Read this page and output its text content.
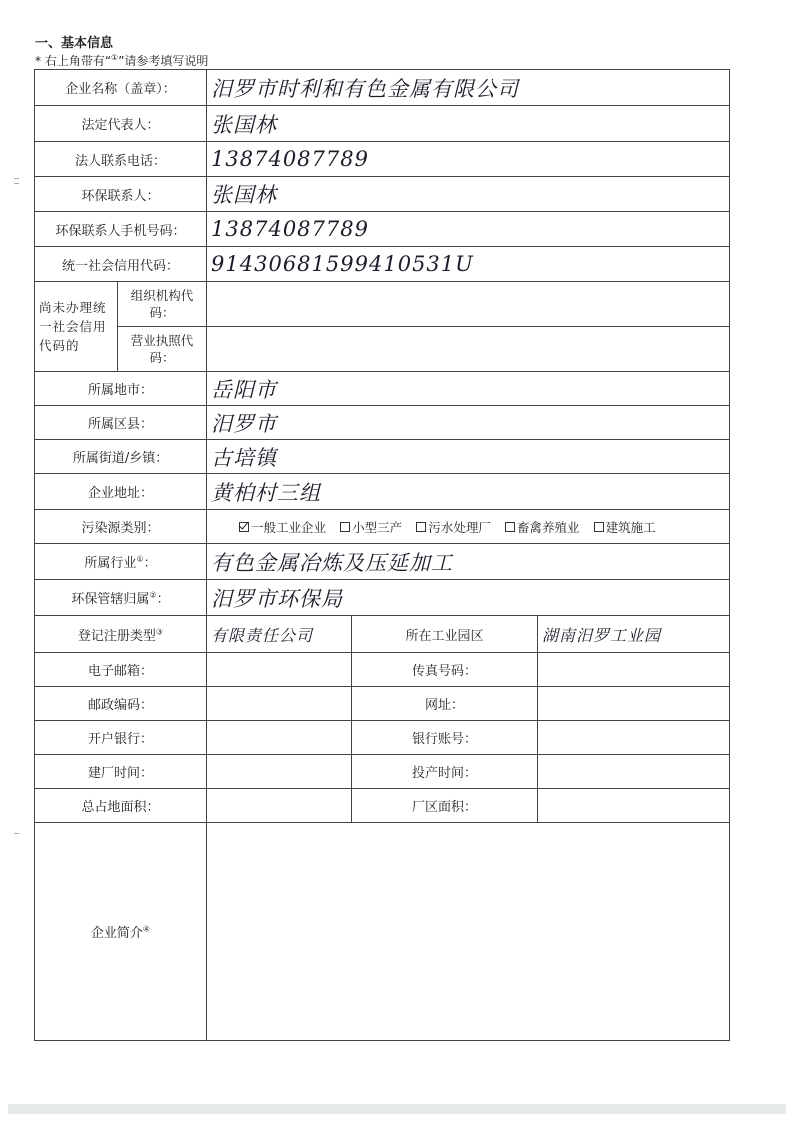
一、基本信息
* 右上角带有“①”请参考填写说明
企业名称（盖章）：		汨罗市时利和有色金属有限公司		
法定代表人：		张国林		
法人联系电话：		13874087789		
环保联系人：		张国林		
环保联系人手机号码：		13874087789		
统一社会信用代码：		91430681599410531U		
尚未办理统一社会信用代码的	组织机构代码：			
	营业执照代码：			
所属地市：		岳阳市		
所属区县：		汨罗市		
所属街道/乡镇：		古培镇		
企业地址：		黄柏村三组		
污染源类别：		一般工业企业 小型三产 污水处理厂 畜禽养殖业 建筑施工		
所属行业①：		有色金属冶炼及压延加工		
环保管辖归属②：		汨罗市环保局		
登记注册类型③		有限责任公司	所在工业园区	湖南汨罗工业园
电子邮箱：			传真号码：	
邮政编码：			网址：	
开户银行：			银行账号：	
建厂时间：			投产时间：	
总占地面积：			厂区面积：	
企业简介④	
